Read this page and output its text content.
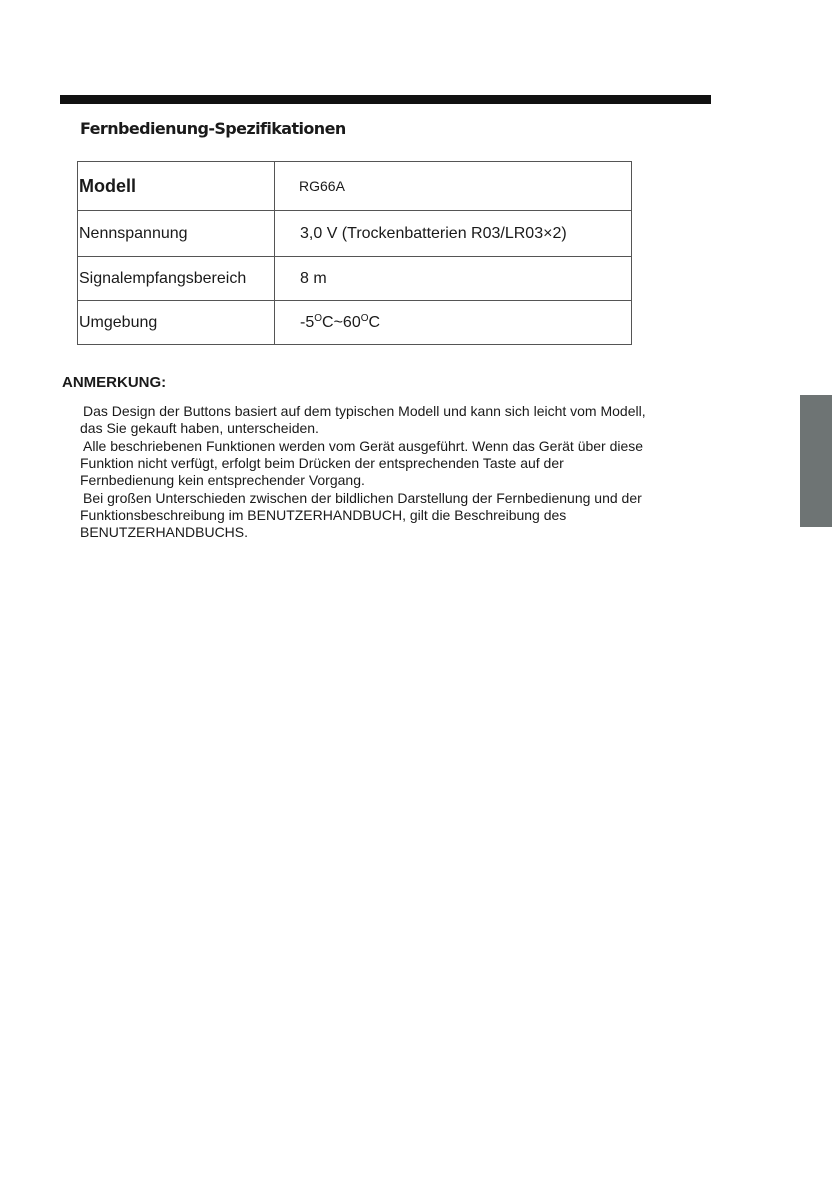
Fernbedienung-Spezifikationen
Modell	RG66A
Nennspannung	3,0 V (Trockenbatterien R03/LR03×2)
Signalempfangsbereich	8 m
Umgebung	$-5^OC\sim 60^OC$
ANMERKUNG:
Das Design der Buttons basiert auf dem typischen Modell und kann sich leicht vom Modell,
das Sie gekauft haben, unterscheiden.
Alle beschriebenen Funktionen werden vom Gerät ausgeführt. Wenn das Gerät über diese
Funktion nicht verfügt, erfolgt beim Drücken der entsprechenden Taste auf der
Fernbedienung kein entsprechender Vorgang.
Bei großen Unterschieden zwischen der bildlichen Darstellung der Fernbedienung und der
Funktionsbeschreibung im BENUTZERHANDBUCH, gilt die Beschreibung des
BENUTZERHANDBUCHS.
